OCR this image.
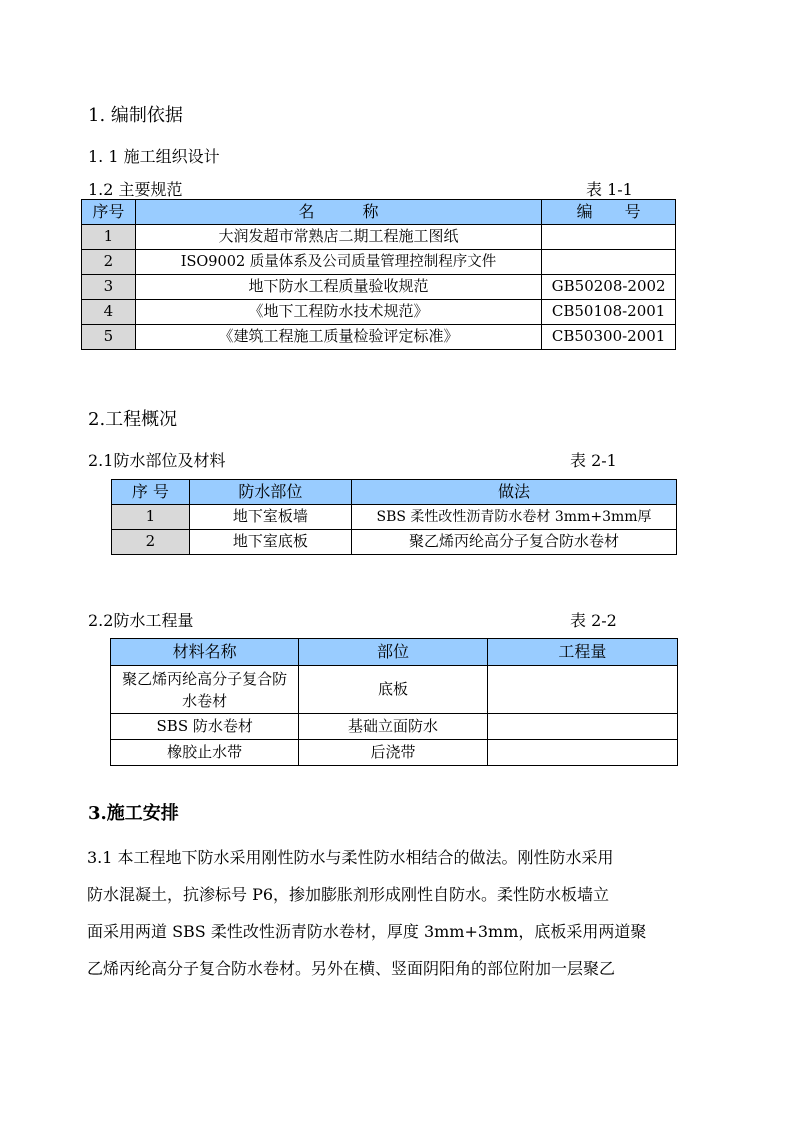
1. 编制依据
1. 1 施工组织设计
1.2 主要规范	表 1-1
序号	名　　　称	编　　号
1	大润发超市常熟店二期工程施工图纸	
2	ISO9002 质量体系及公司质量管理控制程序文件	
3	地下防水工程质量验收规范	GB50208-2002
4	《地下工程防水技术规范》	CB50108-2001
5	《建筑工程施工质量检验评定标准》	CB50300-2001
2.工程概况
2.1防水部位及材料	表 2-1
序 号	防水部位	做法
1	地下室板墙	SBS 柔性改性沥青防水卷材 3mm+3mm厚
2	地下室底板	聚乙烯丙纶高分子复合防水卷材
2.2防水工程量	表 2-2
材料名称	部位	工程量
聚乙烯丙纶高分子复合防水卷材	底板	
SBS 防水卷材	基础立面防水	
橡胶止水带	后浇带	
3.施工安排
3.1 本工程地下防水采用刚性防水与柔性防水相结合的做法。刚性防水采用
防水混凝土，抗渗标号 P6，掺加膨胀剂形成刚性自防水。柔性防水板墙立
面采用两道 SBS 柔性改性沥青防水卷材，厚度 3mm+3mm，底板采用两道聚
乙烯丙纶高分子复合防水卷材。另外在横、竖面阴阳角的部位附加一层聚乙
